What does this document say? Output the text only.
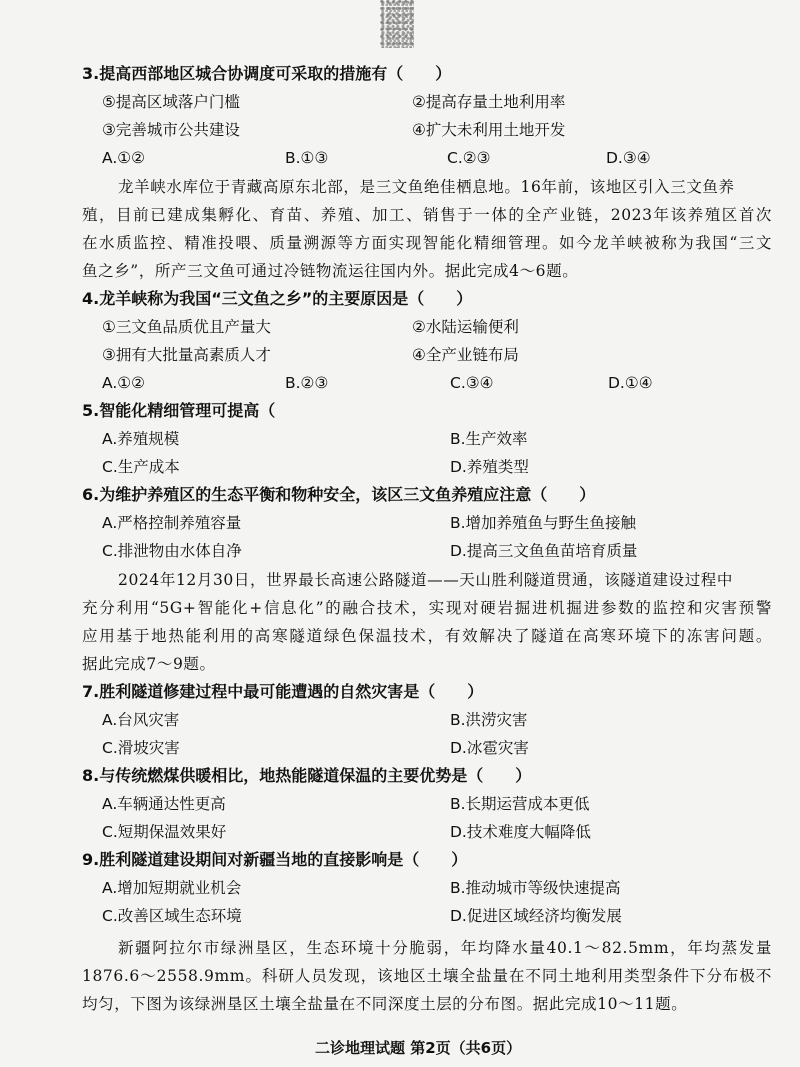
3.提高西部地区城合协调度可采取的措施有（　　）
⑤提高区域落户门槛	②提高存量土地利用率
③完善城市公共建设	④扩大未利用土地开发
A.①②	B.①③	C.②③	D.③④
龙羊峡水库位于青藏高原东北部，是三文鱼绝佳栖息地。16年前，该地区引入三文鱼养
殖，目前已建成集孵化、育苗、养殖、加工、销售于一体的全产业链，2023年该养殖区首次
在水质监控、精准投喂、质量溯源等方面实现智能化精细管理。如今龙羊峡被称为我国“三文
鱼之乡”，所产三文鱼可通过冷链物流运往国内外。据此完成4～6题。
4.龙羊峡称为我国“三文鱼之乡”的主要原因是（　　）
①三文鱼品质优且产量大	②水陆运输便利
③拥有大批量高素质人才	④全产业链布局
A.①②	B.②③	C.③④	D.①④
5.智能化精细管理可提高（
A.养殖规模	B.生产效率
C.生产成本	D.养殖类型
6.为维护养殖区的生态平衡和物种安全，该区三文鱼养殖应注意（　　）
A.严格控制养殖容量	B.增加养殖鱼与野生鱼接触
C.排泄物由水体自净	D.提高三文鱼鱼苗培育质量
2024年12月30日，世界最长高速公路隧道——天山胜利隧道贯通，该隧道建设过程中
充分利用“5G+智能化+信息化”的融合技术，实现对硬岩掘进机掘进参数的监控和灾害预警
应用基于地热能利用的高寒隧道绿色保温技术，有效解决了隧道在高寒环境下的冻害问题。
据此完成7～9题。
7.胜利隧道修建过程中最可能遭遇的自然灾害是（　　）
A.台风灾害	B.洪涝灾害
C.滑坡灾害	D.冰雹灾害
8.与传统燃煤供暖相比，地热能隧道保温的主要优势是（　　）
A.车辆通达性更高	B.长期运营成本更低
C.短期保温效果好	D.技术难度大幅降低
9.胜利隧道建设期间对新疆当地的直接影响是（　　）
A.增加短期就业机会	B.推动城市等级快速提高
C.改善区域生态环境	D.促进区域经济均衡发展
新疆阿拉尔市绿洲垦区，生态环境十分脆弱，年均降水量40.1～82.5mm，年均蒸发量
1876.6～2558.9mm。科研人员发现，该地区土壤全盐量在不同土地利用类型条件下分布极不
均匀，下图为该绿洲垦区土壤全盐量在不同深度土层的分布图。据此完成10～11题。
二诊地理试题 第2页（共6页）
